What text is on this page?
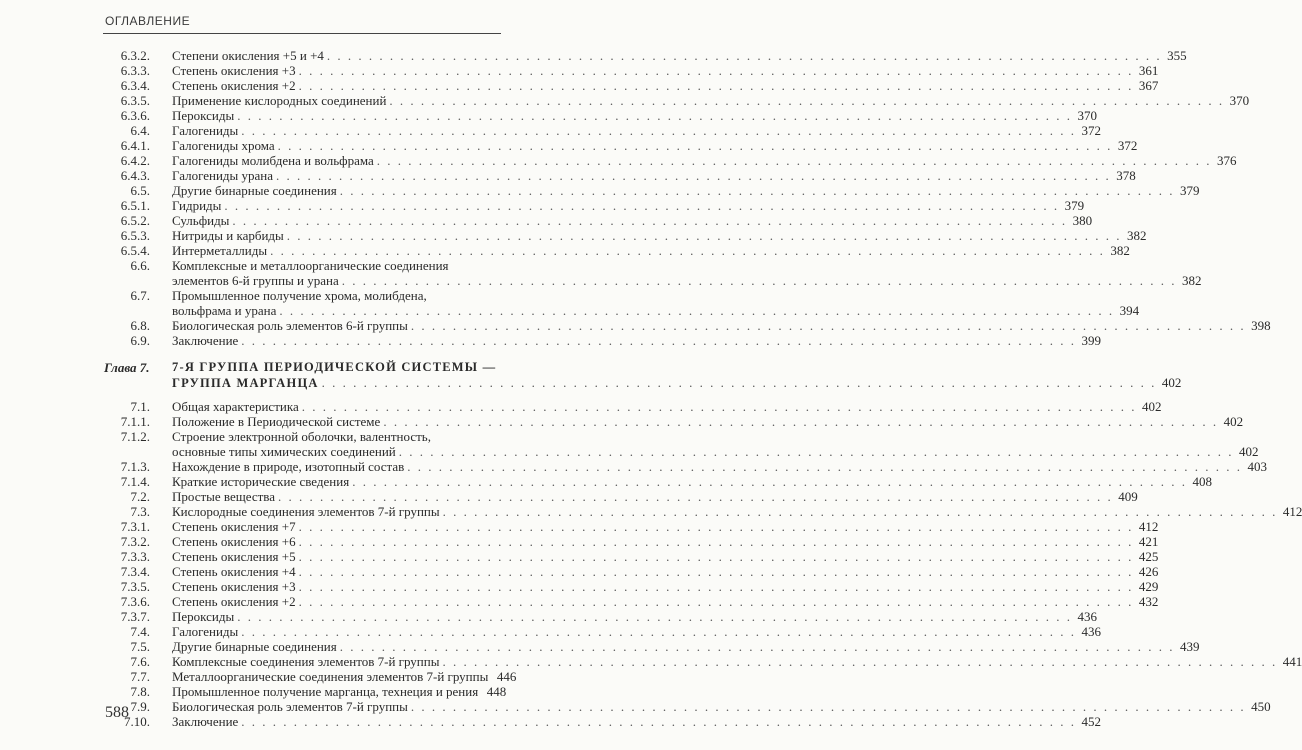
ОГЛАВЛЕНИЕ
6.3.2. Степени окисления +5 и +4 . . . . . . . . . . . . . . . . . . . . . . . . . . . . . . . . . . . . . . . . . . . . . . . . . . . . . . . . . . . . . . . . . . . . . . . . . . . . . . . . 355
6.3.3. Степень окисления +3 . . . . . . . . . . . . . . . . . . . . . . . . . . . . . . . . . . . . . . . . . . . . . . . . . . . . . . . . . . . . . . . . . . . . . . . . . . . . . . . . 361
6.3.4. Степень окисления +2 . . . . . . . . . . . . . . . . . . . . . . . . . . . . . . . . . . . . . . . . . . . . . . . . . . . . . . . . . . . . . . . . . . . . . . . . . . . . . . . . 367
6.3.5. Применение кислородных соединений . . . . . . . . . . . . . . . . . . . . . . . . . . . . . . . . . . . . . . . . . . . . . . . . . . . . . . . . . . . . . . . . . . . . . . . . . . . . . . . . 370
6.3.6. Пероксиды . . . . . . . . . . . . . . . . . . . . . . . . . . . . . . . . . . . . . . . . . . . . . . . . . . . . . . . . . . . . . . . . . . . . . . . . . . . . . . . . 370
6.4. Галогениды . . . . . . . . . . . . . . . . . . . . . . . . . . . . . . . . . . . . . . . . . . . . . . . . . . . . . . . . . . . . . . . . . . . . . . . . . . . . . . . . 372
6.4.1. Галогениды хрома . . . . . . . . . . . . . . . . . . . . . . . . . . . . . . . . . . . . . . . . . . . . . . . . . . . . . . . . . . . . . . . . . . . . . . . . . . . . . . . . 372
6.4.2. Галогениды молибдена и вольфрама . . . . . . . . . . . . . . . . . . . . . . . . . . . . . . . . . . . . . . . . . . . . . . . . . . . . . . . . . . . . . . . . . . . . . . . . . . . . . . . . 376
6.4.3. Галогениды урана . . . . . . . . . . . . . . . . . . . . . . . . . . . . . . . . . . . . . . . . . . . . . . . . . . . . . . . . . . . . . . . . . . . . . . . . . . . . . . . . 378
6.5. Другие бинарные соединения . . . . . . . . . . . . . . . . . . . . . . . . . . . . . . . . . . . . . . . . . . . . . . . . . . . . . . . . . . . . . . . . . . . . . . . . . . . . . . . . 379
6.5.1. Гидриды . . . . . . . . . . . . . . . . . . . . . . . . . . . . . . . . . . . . . . . . . . . . . . . . . . . . . . . . . . . . . . . . . . . . . . . . . . . . . . . . 379
6.5.2. Сульфиды . . . . . . . . . . . . . . . . . . . . . . . . . . . . . . . . . . . . . . . . . . . . . . . . . . . . . . . . . . . . . . . . . . . . . . . . . . . . . . . . 380
6.5.3. Нитриды и карбиды . . . . . . . . . . . . . . . . . . . . . . . . . . . . . . . . . . . . . . . . . . . . . . . . . . . . . . . . . . . . . . . . . . . . . . . . . . . . . . . . 382
6.5.4. Интерметаллиды . . . . . . . . . . . . . . . . . . . . . . . . . . . . . . . . . . . . . . . . . . . . . . . . . . . . . . . . . . . . . . . . . . . . . . . . . . . . . . . . 382
6.6. Комплексные и металлоорганические соединения
элементов 6-й группы и урана . . . . . . . . . . . . . . . . . . . . . . . . . . . . . . . . . . . . . . . . . . . . . . . . . . . . . . . . . . . . . . . . . . . . . . . . . . . . . . . . 382
6.7. Промышленное получение хрома, молибдена,
вольфрама и урана . . . . . . . . . . . . . . . . . . . . . . . . . . . . . . . . . . . . . . . . . . . . . . . . . . . . . . . . . . . . . . . . . . . . . . . . . . . . . . . . 394
6.8. Биологическая роль элементов 6-й группы . . . . . . . . . . . . . . . . . . . . . . . . . . . . . . . . . . . . . . . . . . . . . . . . . . . . . . . . . . . . . . . . . . . . . . . . . . . . . . . . 398
6.9. Заключение . . . . . . . . . . . . . . . . . . . . . . . . . . . . . . . . . . . . . . . . . . . . . . . . . . . . . . . . . . . . . . . . . . . . . . . . . . . . . . . . 399
Глава 7. 7-Я ГРУППА ПЕРИОДИЧЕСКОЙ СИСТЕМЫ —
ГРУППА МАРГАНЦА . . . . . . . . . . . . . . . . . . . . . . . . . . . . . . . . . . . . . . . . . . . . . . . . . . . . . . . . . . . . . . . . . . . . . . . . . . . . . . . . 402
7.1. Общая характеристика . . . . . . . . . . . . . . . . . . . . . . . . . . . . . . . . . . . . . . . . . . . . . . . . . . . . . . . . . . . . . . . . . . . . . . . . . . . . . . . . 402
7.1.1. Положение в Периодической системе . . . . . . . . . . . . . . . . . . . . . . . . . . . . . . . . . . . . . . . . . . . . . . . . . . . . . . . . . . . . . . . . . . . . . . . . . . . . . . . . 402
7.1.2. Строение электронной оболочки, валентность,
основные типы химических соединений . . . . . . . . . . . . . . . . . . . . . . . . . . . . . . . . . . . . . . . . . . . . . . . . . . . . . . . . . . . . . . . . . . . . . . . . . . . . . . . . 402
7.1.3. Нахождение в природе, изотопный состав . . . . . . . . . . . . . . . . . . . . . . . . . . . . . . . . . . . . . . . . . . . . . . . . . . . . . . . . . . . . . . . . . . . . . . . . . . . . . . . . 403
7.1.4. Краткие исторические сведения . . . . . . . . . . . . . . . . . . . . . . . . . . . . . . . . . . . . . . . . . . . . . . . . . . . . . . . . . . . . . . . . . . . . . . . . . . . . . . . . 408
7.2. Простые вещества . . . . . . . . . . . . . . . . . . . . . . . . . . . . . . . . . . . . . . . . . . . . . . . . . . . . . . . . . . . . . . . . . . . . . . . . . . . . . . . . 409
7.3. Кислородные соединения элементов 7-й группы . . . . . . . . . . . . . . . . . . . . . . . . . . . . . . . . . . . . . . . . . . . . . . . . . . . . . . . . . . . . . . . . . . . . . . . . . . . . . . . . 412
7.3.1. Степень окисления +7 . . . . . . . . . . . . . . . . . . . . . . . . . . . . . . . . . . . . . . . . . . . . . . . . . . . . . . . . . . . . . . . . . . . . . . . . . . . . . . . . 412
7.3.2. Степень окисления +6 . . . . . . . . . . . . . . . . . . . . . . . . . . . . . . . . . . . . . . . . . . . . . . . . . . . . . . . . . . . . . . . . . . . . . . . . . . . . . . . . 421
7.3.3. Степень окисления +5 . . . . . . . . . . . . . . . . . . . . . . . . . . . . . . . . . . . . . . . . . . . . . . . . . . . . . . . . . . . . . . . . . . . . . . . . . . . . . . . . 425
7.3.4. Степень окисления +4 . . . . . . . . . . . . . . . . . . . . . . . . . . . . . . . . . . . . . . . . . . . . . . . . . . . . . . . . . . . . . . . . . . . . . . . . . . . . . . . . 426
7.3.5. Степень окисления +3 . . . . . . . . . . . . . . . . . . . . . . . . . . . . . . . . . . . . . . . . . . . . . . . . . . . . . . . . . . . . . . . . . . . . . . . . . . . . . . . . 429
7.3.6. Степень окисления +2 . . . . . . . . . . . . . . . . . . . . . . . . . . . . . . . . . . . . . . . . . . . . . . . . . . . . . . . . . . . . . . . . . . . . . . . . . . . . . . . . 432
7.3.7. Пероксиды . . . . . . . . . . . . . . . . . . . . . . . . . . . . . . . . . . . . . . . . . . . . . . . . . . . . . . . . . . . . . . . . . . . . . . . . . . . . . . . . 436
7.4. Галогениды . . . . . . . . . . . . . . . . . . . . . . . . . . . . . . . . . . . . . . . . . . . . . . . . . . . . . . . . . . . . . . . . . . . . . . . . . . . . . . . . 436
7.5. Другие бинарные соединения . . . . . . . . . . . . . . . . . . . . . . . . . . . . . . . . . . . . . . . . . . . . . . . . . . . . . . . . . . . . . . . . . . . . . . . . . . . . . . . . 439
7.6. Комплексные соединения элементов 7-й группы . . . . . . . . . . . . . . . . . . . . . . . . . . . . . . . . . . . . . . . . . . . . . . . . . . . . . . . . . . . . . . . . . . . . . . . . . . . . . . . . 441
7.7. Металлоорганические соединения элементов 7-й группы 446
7.8. Промышленное получение марганца, технеция и рения 448
7.9. Биологическая роль элементов 7-й группы . . . . . . . . . . . . . . . . . . . . . . . . . . . . . . . . . . . . . . . . . . . . . . . . . . . . . . . . . . . . . . . . . . . . . . . . . . . . . . . . 450
7.10. Заключение . . . . . . . . . . . . . . . . . . . . . . . . . . . . . . . . . . . . . . . . . . . . . . . . . . . . . . . . . . . . . . . . . . . . . . . . . . . . . . . . 452
588
